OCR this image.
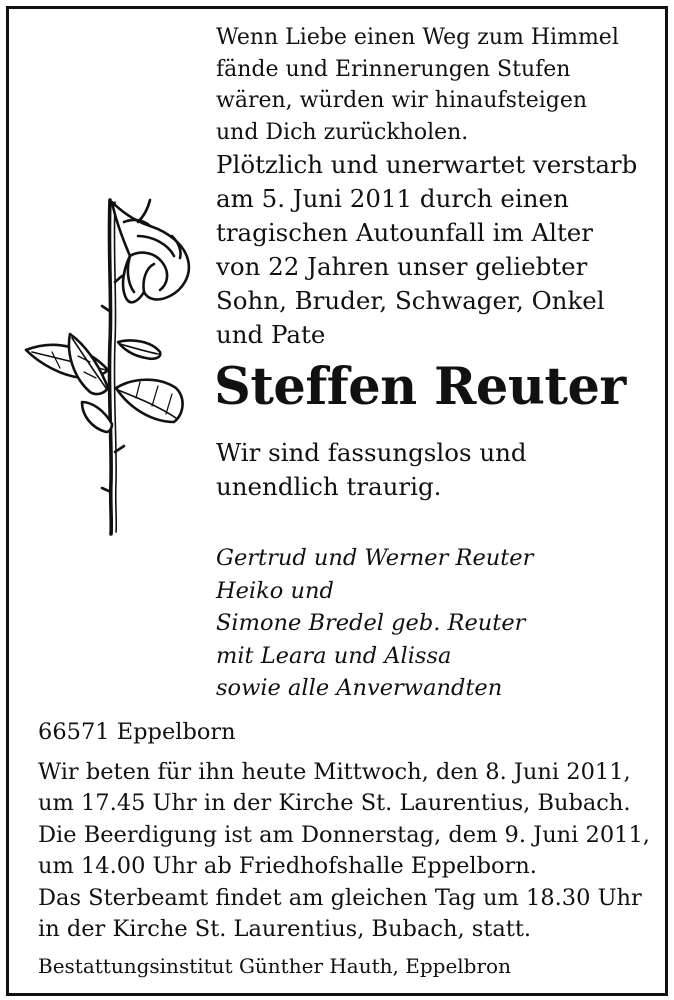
Wenn Liebe einen Weg zum Himmel
fände und Erinnerungen Stufen
wären, würden wir hinaufsteigen
und Dich zurückholen.

Plötzlich und unerwartet verstarb
am 5. Juni 2011 durch einen
tragischen Autounfall im Alter
von 22 Jahren unser geliebter
Sohn, Bruder, Schwager, Onkel
und Pate

Steffen Reuter

Wir sind fassungslos und
unendlich traurig.

Gertrud und Werner Reuter
Heiko und
Simone Bredel geb. Reuter
mit Leara und Alissa
sowie alle Anverwandten

66571 Eppelborn

Wir beten für ihn heute Mittwoch, den 8. Juni 2011,
um 17.45 Uhr in der Kirche St. Laurentius, Bubach.

Die Beerdigung ist am Donnerstag, dem 9. Juni 2011,
um 14.00 Uhr ab Friedhofshalle Eppelborn.

Das Sterbeamt findet am gleichen Tag um 18.30 Uhr
in der Kirche St. Laurentius, Bubach, statt.

Bestattungsinstitut Günther Hauth, Eppelbron
